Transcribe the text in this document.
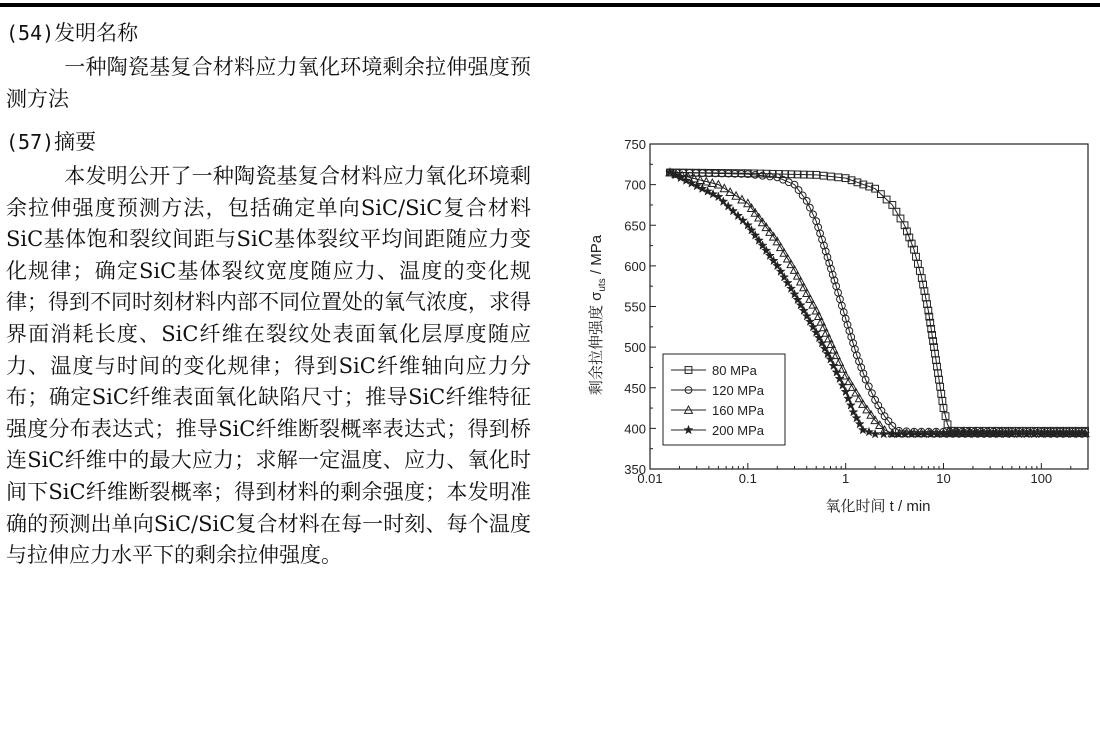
(54)发明名称

一种陶瓷基复合材料应力氧化环境剩余拉伸强度预测方法

(57)摘要

本发明公开了一种陶瓷基复合材料应力氧化环境剩余拉伸强度预测方法，包括确定单向SiC/SiC复合材料SiC基体饱和裂纹间距与SiC基体裂纹平均间距随应力变化规律；确定SiC基体裂纹宽度随应力、温度的变化规律；得到不同时刻材料内部不同位置处的氧气浓度，求得界面消耗长度、SiC纤维在裂纹处表面氧化层厚度随应力、温度与时间的变化规律；得到SiC纤维轴向应力分布；确定SiC纤维表面氧化缺陷尺寸；推导SiC纤维特征强度分布表达式；推导SiC纤维断裂概率表达式；得到桥连SiC纤维中的最大应力；求解一定温度、应力、氧化时间下SiC纤维断裂概率；得到材料的剩余强度；本发明准确的预测出单向SiC/SiC复合材料在每一时刻、每个温度与拉伸应力水平下的剩余拉伸强度。

350
400
450
500
550
600
650
700
750
0.01	0.1	1	10	100
80 MPa
120 MPa
160 MPa
200 MPa
氧化时间 t / min
剩余拉伸强度 $\sigma_{uts}$ / MPa
